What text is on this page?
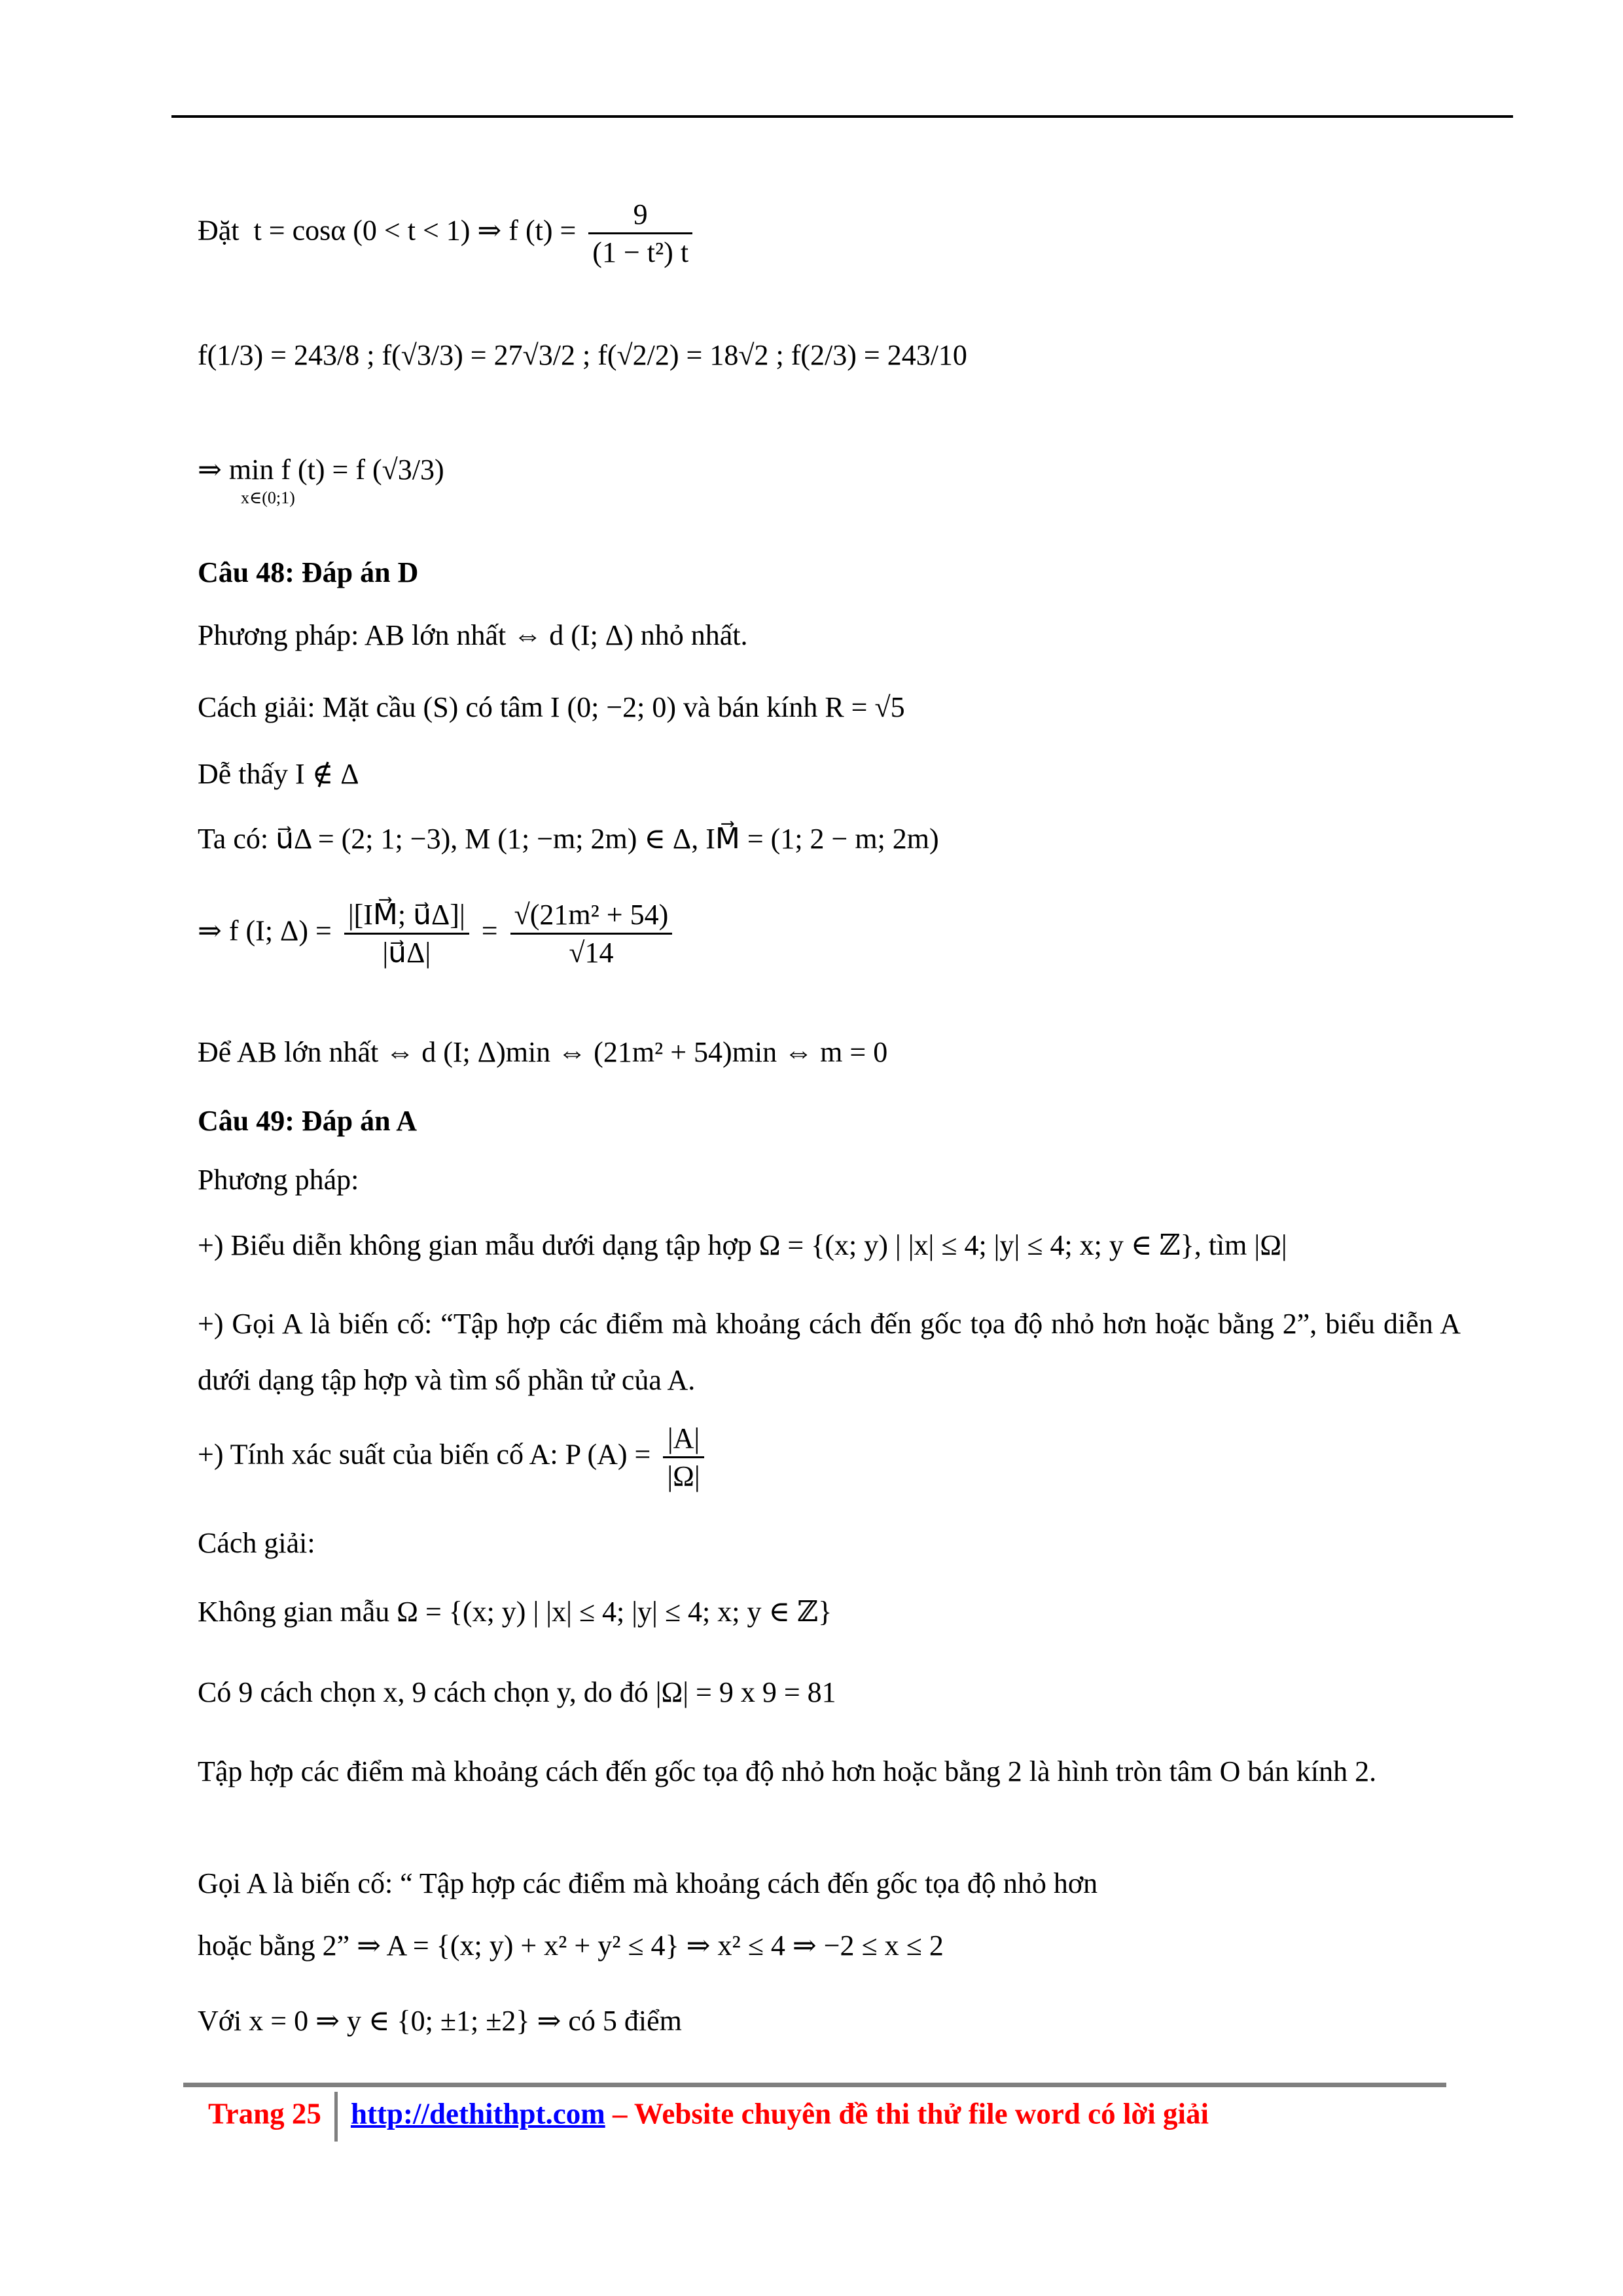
Đặt t = cosα (0 < t < 1) ⇒ f $(t) = \frac{9}{\text{(1 − t²) t}}$
f(1/3) = 243/8 ; f(√3/3) = 27√3/2 ; f(√2/2) = 18√2 ; f(2/3) = 243/10
⇒ min f (t) = f (√3/3)
x∈(0;1)
Câu 48: Đáp án D
Phương pháp: AB lớn nhất ⇔ d (I; Δ) nhỏ nhất.
Cách giải: Mặt cầu (S) có tâm I (0; −2; 0) và bán kính R = √5
Dễ thấy I ∉ Δ
Ta có: u⃗Δ = (2; 1; −3), M (1; −m; 2m) ∈ Δ, IM⃗ = (1; 2 − m; 2m)
⇒ f (I; $\Delta) = \frac{|[IM⃗; u⃗\Delta]|}{|u⃗\Delta|} = \frac{\text{√(21m² + 54)}}{√14}$
Để AB lớn nhất ⇔ d (I; Δ)min ⇔ (21m² + 54)min ⇔ m = 0
Câu 49: Đáp án A
Phương pháp:
+) Biểu diễn không gian mẫu dưới dạng tập hợp Ω = {(x; y) | |x| ≤ 4; |y| ≤ 4; x; y ∈ ℤ}, tìm |Ω|
+) Gọi A là biến cố: “Tập hợp các điểm mà khoảng cách đến gốc tọa độ nhỏ hơn hoặc bằng 2”, biểu diễn A dưới dạng tập hợp và tìm số phần tử của A.
+) Tính xác suất của biến cố A: P $(A) = \frac{|A|}{|\Omega|}$
Cách giải:
Không gian mẫu Ω = {(x; y) | |x| ≤ 4; |y| ≤ 4; x; y ∈ ℤ}
Có 9 cách chọn x, 9 cách chọn y, do đó |Ω| = 9 x 9 = 81
Tập hợp các điểm mà khoảng cách đến gốc tọa độ nhỏ hơn hoặc bằng 2 là hình tròn tâm O bán kính 2.
Gọi A là biến cố: “ Tập hợp các điểm mà khoảng cách đến gốc tọa độ nhỏ hơn
hoặc bằng 2” ⇒ A = {(x; y) + x² + y² ≤ 4} ⇒ x² ≤ 4 ⇒ −2 ≤ x ≤ 2
Với x = 0 ⇒ y ∈ {0; ±1; ±2} ⇒ có 5 điểm
Trang 25 http://dethithpt.com – Website chuyên đề thi thử file word có lời giải
